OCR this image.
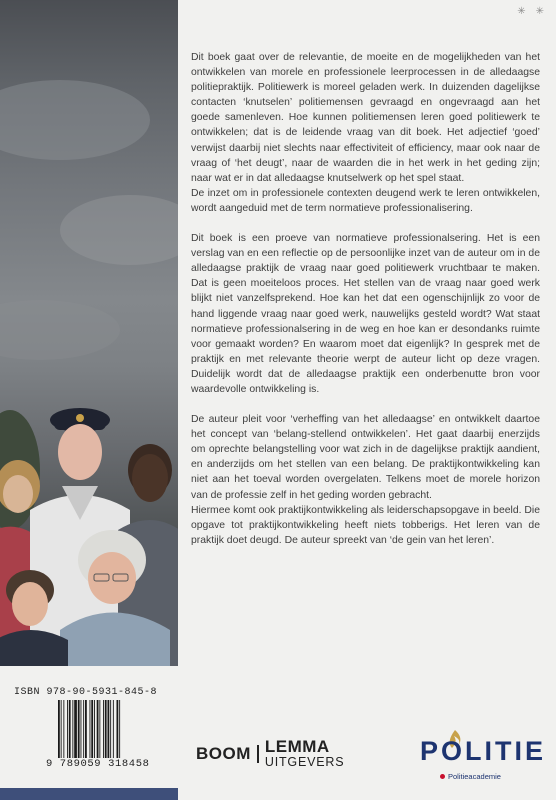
✳ ✳

Dit boek gaat over de relevantie, de moeite en de mogelijkheden van het ontwikkelen van morele en professionele leerprocessen in de alledaagse politiepraktijk. Politiewerk is moreel geladen werk. In duizenden dagelijkse contacten ‘knutselen’ politiemensen gevraagd en ongevraagd aan het goede samenleven. Hoe kunnen politiemensen leren goed politiewerk te ontwikkelen; dat is de leidende vraag van dit boek. Het adjectief ‘goed’ verwijst daarbij niet slechts naar effectiviteit of efficiency, maar ook naar de vraag of ‘het deugt’, naar de waarden die in het werk in het geding zijn; naar wat er in dat alledaagse knutselwerk op het spel staat.

De inzet om in professionele contexten deugend werk te leren ontwikkelen, wordt aangeduid met de term normatieve professionalisering.

Dit boek is een proeve van normatieve professionalsering. Het is een verslag van en een reflectie op de persoonlijke inzet van de auteur om in de alledaagse praktijk de vraag naar goed politiewerk vruchtbaar te maken. Dat is geen moeiteloos proces. Het stellen van de vraag naar goed werk blijkt niet vanzelfsprekend. Hoe kan het dat een ogenschijnlijk zo voor de hand liggende vraag naar goed werk, nauwelijks gesteld wordt? Wat staat normatieve professionalsering in de weg en hoe kan er desondanks ruimte voor gemaakt worden? En waarom moet dat eigenlijk? In gesprek met de praktijk en met relevante theorie werpt de auteur licht op deze vragen. Duidelijk wordt dat de alledaagse praktijk een onderbenutte bron voor waardevolle ontwikkeling is.

De auteur pleit voor ‘verheffing van het alledaagse’ en ontwikkelt daartoe het concept van ‘belang-stellend ontwikkelen’. Het gaat daarbij enerzijds om oprechte belangstelling voor wat zich in de dagelijkse praktijk aandient, en anderzijds om het stellen van een belang. De praktijkontwikkeling kan niet aan het toeval worden overgelaten. Telkens moet de morele horizon van de professie zelf in het geding worden gebracht.

Hiermee komt ook praktijkontwikkeling als leiderschapsopgave in beeld. Die opgave tot praktijkontwikkeling heeft niets tobberigs. Het leren van de praktijk doet deugd. De auteur spreekt van ‘de gein van het leren’.

ISBN 978-90-5931-845-8
9 789059 318458
BOOM LEMMA
UITGEVERS	POLITIE
Politieacademie
